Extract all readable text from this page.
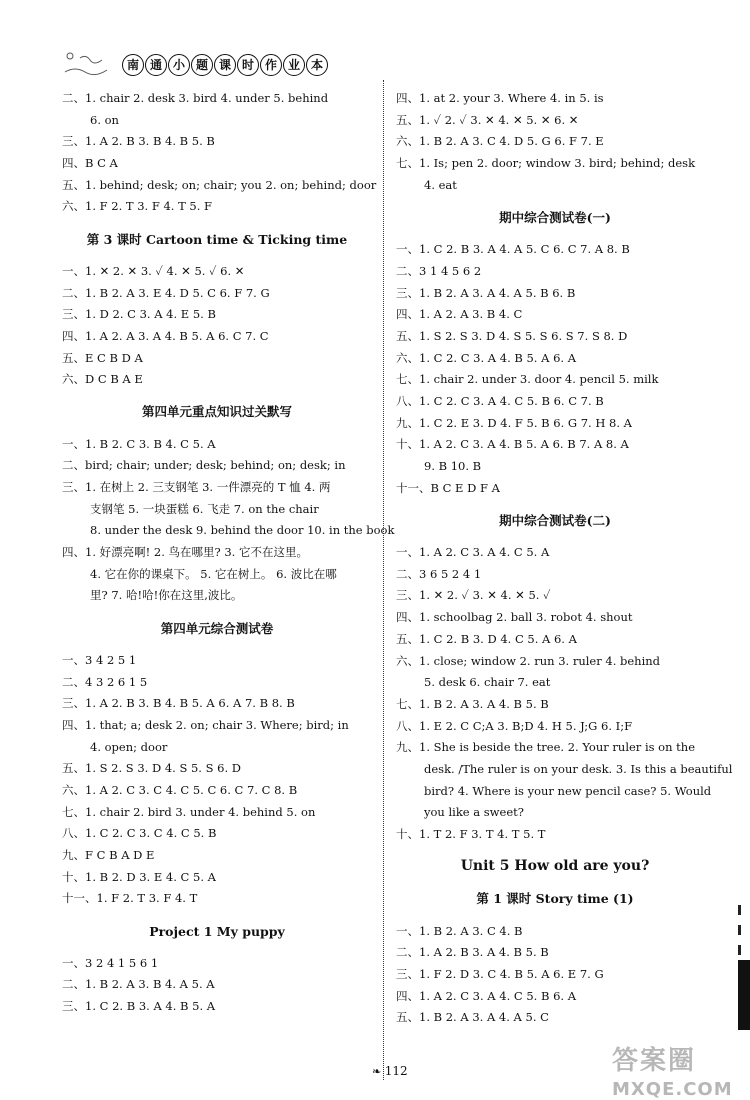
南 通 小 题 课 时 作 业 本
二、1. chair 2. desk 3. bird 4. under 5. behind
6. on
三、1. A 2. B 3. B 4. B 5. B
四、B C A
五、1. behind; desk; on; chair; you 2. on; behind; door
六、1. F 2. T 3. F 4. T 5. F
第 3 课时 Cartoon time & Ticking time
一、1. ✕ 2. ✕ 3. ✓ 4. ✕ 5. ✓ 6. ✕
二、1. B 2. A 3. E 4. D 5. C 6. F 7. G
三、1. D 2. C 3. A 4. E 5. B
四、1. A 2. A 3. A 4. B 5. A 6. C 7. C
五、E C B D A
六、D C B A E
第四单元重点知识过关默写
一、1. B 2. C 3. B 4. C 5. A
二、bird; chair; under; desk; behind; on; desk; in
三、1. 在树上 2. 三支钢笔 3. 一件漂亮的 T 恤 4. 两
支钢笔 5. 一块蛋糕 6. 飞走 7. on the chair
8. under the desk 9. behind the door 10. in the book
四、1. 好漂亮啊! 2. 鸟在哪里? 3. 它不在这里。
4. 它在你的课桌下。 5. 它在树上。 6. 波比在哪
里? 7. 哈!哈!你在这里,波比。
第四单元综合测试卷
一、3 4 2 5 1
二、4 3 2 6 1 5
三、1. A 2. B 3. B 4. B 5. A 6. A 7. B 8. B
四、1. that; a; desk 2. on; chair 3. Where; bird; in
4. open; door
五、1. S 2. S 3. D 4. S 5. S 6. D
六、1. A 2. C 3. C 4. C 5. C 6. C 7. C 8. B
七、1. chair 2. bird 3. under 4. behind 5. on
八、1. C 2. C 3. C 4. C 5. B
九、F C B A D E
十、1. B 2. D 3. E 4. C 5. A
十一、1. F 2. T 3. F 4. T
Project 1 My puppy
一、3 2 4 1 5 6 1
二、1. B 2. A 3. B 4. A 5. A
三、1. C 2. B 3. A 4. B 5. A
四、1. at 2. your 3. Where 4. in 5. is
五、1. ✓ 2. ✓ 3. ✕ 4. ✕ 5. ✕ 6. ✕
六、1. B 2. A 3. C 4. D 5. G 6. F 7. E
七、1. Is; pen 2. door; window 3. bird; behind; desk
4. eat
期中综合测试卷(一)
一、1. C 2. B 3. A 4. A 5. C 6. C 7. A 8. B
二、3 1 4 5 6 2
三、1. B 2. A 3. A 4. A 5. B 6. B
四、1. A 2. A 3. B 4. C
五、1. S 2. S 3. D 4. S 5. S 6. S 7. S 8. D
六、1. C 2. C 3. A 4. B 5. A 6. A
七、1. chair 2. under 3. door 4. pencil 5. milk
八、1. C 2. C 3. A 4. C 5. B 6. C 7. B
九、1. C 2. E 3. D 4. F 5. B 6. G 7. H 8. A
十、1. A 2. C 3. A 4. B 5. A 6. B 7. A 8. A
9. B 10. B
十一、B C E D F A
期中综合测试卷(二)
一、1. A 2. C 3. A 4. C 5. A
二、3 6 5 2 4 1
三、1. ✕ 2. ✓ 3. ✕ 4. ✕ 5. ✓
四、1. schoolbag 2. ball 3. robot 4. shout
五、1. C 2. B 3. D 4. C 5. A 6. A
六、1. close; window 2. run 3. ruler 4. behind
5. desk 6. chair 7. eat
七、1. B 2. A 3. A 4. B 5. B
八、1. E 2. C C;A 3. B;D 4. H 5. J;G 6. I;F
九、1. She is beside the tree. 2. Your ruler is on the
desk. /The ruler is on your desk. 3. Is this a beautiful
bird? 4. Where is your new pencil case? 5. Would
you like a sweet?
十、1. T 2. F 3. T 4. T 5. T
Unit 5 How old are you?
第 1 课时 Story time (1)
一、1. B 2. A 3. C 4. B
二、1. A 2. B 3. A 4. B 5. B
三、1. F 2. D 3. C 4. B 5. A 6. E 7. G
四、1. A 2. C 3. A 4. C 5. B 6. A
五、1. B 2. A 3. A 4. A 5. C
❧ 112	答案圈
MXQE.COM
